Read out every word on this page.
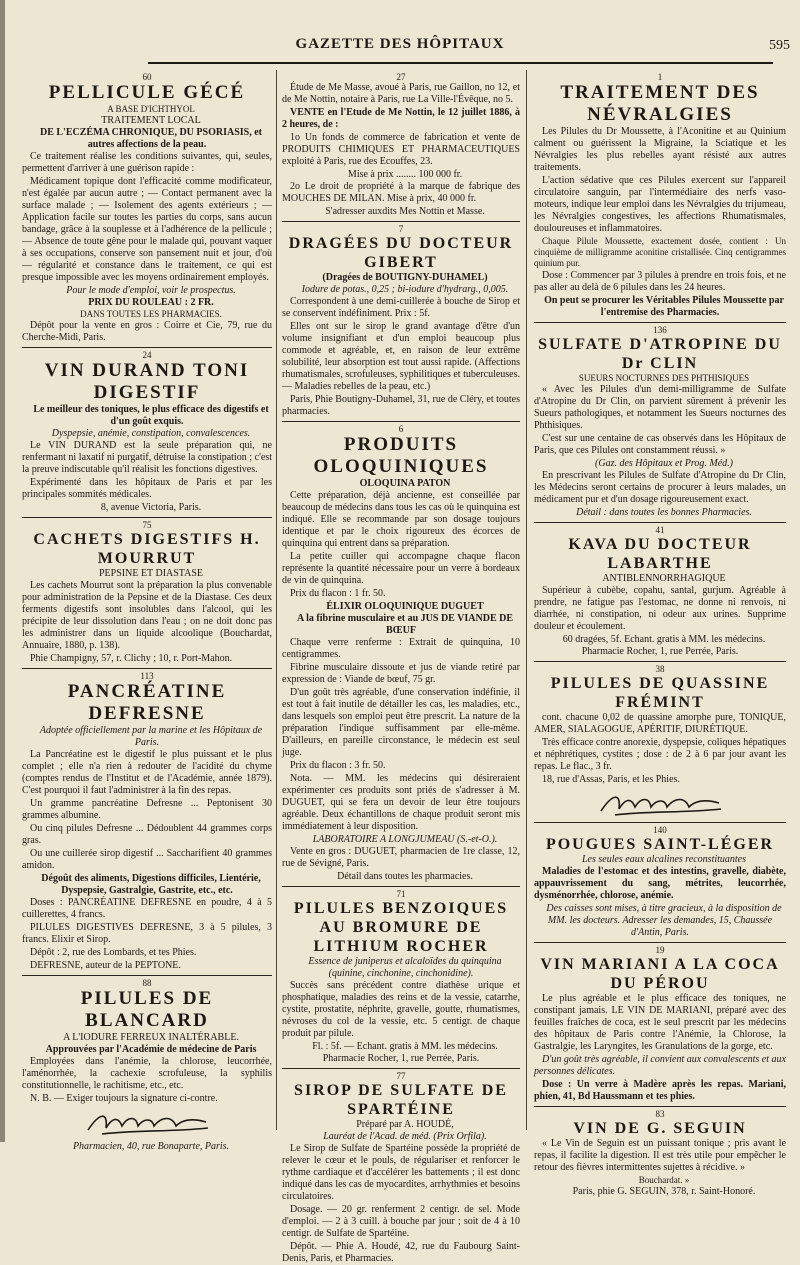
GAZETTE DES HÔPITAUX	595
60
PELLICULE GÉCÉ

A BASE D'ICHTHYOL

TRAITEMENT LOCAL

DE L'ECZÉMA CHRONIQUE, DU PSORIASIS, et autres affections de la peau.

Ce traitement réalise les conditions suivantes, qui, seules, permettent d'arriver à une guérison rapide :

Médicament topique dont l'efficacité comme modificateur, n'est égalée par aucun autre ; — Contact permanent avec la surface malade ; — Isolement des agents extérieurs ; — Application facile sur toutes les parties du corps, sans aucun bandage, grâce à la souplesse et à l'adhérence de la pellicule ; — Absence de toute gêne pour le malade qui, pouvant vaquer à ses occupations, conserve son pansement nuit et jour, d'où — régularité et constance dans le traitement, ce qui est presque impossible avec les moyens ordinairement employés.

Pour le mode d'emploi, voir le prospectus.

PRIX DU ROULEAU : 2 FR.

DANS TOUTES LES PHARMACIES.

Dépôt pour la vente en gros : Coirre et Cie, 79, rue du Cherche-Midi, Paris.

24
VIN DURAND TONI DIGESTIF

Le meilleur des toniques, le plus efficace des digestifs et d'un goût exquis.

Dyspepsie, anémie, constipation, convalescences.

Le VIN DURAND est la seule préparation qui, ne renfermant ni laxatif ni purgatif, détruise la constipation ; c'est la preuve indiscutable qu'il réalisit les fonctions digestives.

Expérimenté dans les hôpitaux de Paris et par les principales sommités médicales.

8, avenue Victoria, Paris.

75
CACHETS DIGESTIFS H. MOURRUT

PEPSINE ET DIASTASE

Les cachets Mourrut sont la préparation la plus convenable pour administration de la Pepsine et de la Diastase. Ces deux ferments digestifs sont insolubles dans l'alcool, qui les précipite de leur dissolution dans l'eau ; on ne doit donc pas les administrer dans un liquide alcoolique (Bouchardat, Annuaire, 1880, p. 138).

Phie Champigny, 57, r. Clichy ; 10, r. Port-Mahon.

113
PANCRÉATINE DEFRESNE

Adoptée officiellement par la marine et les Hôpitaux de Paris.

La Pancréatine est le digestif le plus puissant et le plus complet ; elle n'a rien à redouter de l'acidité du chyme (comptes rendus de l'Institut et de l'Académie, année 1879). C'est pourquoi il faut l'administrer à la fin des repas.

Un gramme pancréatine Defresne ... Peptonisent 30 grammes albumine.

Ou cinq pilules Defresne ... Dédoublent 44 grammes corps gras.

Ou une cuillerée sirop digestif ... Saccharifient 40 grammes amidon.

Dégoût des aliments, Digestions difficiles, Lientérie, Dyspepsie, Gastralgie, Gastrite, etc., etc.

Doses : PANCRÉATINE DEFRESNE en poudre, 4 à 5 cuillerettes, 4 francs.

PILULES DIGESTIVES DEFRESNE, 3 à 5 pilules, 3 francs. Elixir et Sirop.

Dépôt : 2, rue des Lombards, et tes Phies.

DEFRESNE, auteur de la PEPTONE.

88
PILULES DE BLANCARD

A L'IODURE FERREUX INALTÉRABLE.

Approuvées par l'Académie de médecine de Paris

Employées dans l'anémie, la chlorose, leucorrhée, l'aménorrhée, la cachexie scrofuleuse, la syphilis constitutionnelle, le rachitisme, etc., etc.

N. B. — Exiger toujours la signature ci-contre.

Pharmacien, 40, rue Bonaparte, Paris.

27

Étude de Me Masse, avoué à Paris, rue Gaillon, no 12, et de Me Nottin, notaire à Paris, rue La Ville-l'Évêque, no 5.

VENTE en l'Etude de Me Nottin, le 12 juillet 1886, à 2 heures, de :

1o Un fonds de commerce de fabrication et vente de PRODUITS CHIMIQUES ET PHARMACEUTIQUES exploité à Paris, rue des Ecouffes, 23.

Mise à prix ........ 100 000 fr.

2o Le droit de propriété à la marque de fabrique des MOUCHES DE MILAN. Mise à prix, 40 000 fr.

S'adresser auxdits Mes Nottin et Masse.

7
DRAGÉES DU DOCTEUR GIBERT

(Dragées de BOUTIGNY-DUHAMEL)

Iodure de potas., 0,25 ; bi-iodure d'hydrarg., 0,005.

Correspondent à une demi-cuillerée à bouche de Sirop et se conservent indéfiniment. Prix : 5f.

Elles ont sur le sirop le grand avantage d'être d'un volume insignifiant et d'un emploi beaucoup plus commode et agréable, et, en raison de leur extrême solubilité, leur absorption est tout aussi rapide. (Affections rhumatismales, scrofuleuses, syphilitiques et tuberculeuses. — Maladies rebelles de la peau, etc.)

Paris, Phie Boutigny-Duhamel, 31, rue de Cléry, et toutes pharmacies.

6
PRODUITS OLOQUINIQUES

OLOQUINA PATON

Cette préparation, déjà ancienne, est conseillée par beaucoup de médecins dans tous les cas où le quinquina est indiqué. Elle se recommande par son dosage toujours identique et par le choix rigoureux des écorces de quinquina qui entrent dans sa préparation.

La petite cuiller qui accompagne chaque flacon représente la quantité nécessaire pour un verre à bordeaux de vin de quinquina.

Prix du flacon : 1 fr. 50.

ÉLIXIR OLOQUINIQUE DUGUET

A la fibrine musculaire et au JUS DE VIANDE DE BŒUF

Chaque verre renferme : Extrait de quinquina, 10 centigrammes.

Fibrine musculaire dissoute et jus de viande retiré par expression de : Viande de bœuf, 75 gr.

D'un goût très agréable, d'une conservation indéfinie, il est tout à fait inutile de détailler les cas, les maladies, etc., dans lesquels son emploi peut être prescrit. La nature de la préparation l'indique suffisamment par elle-même. D'ailleurs, en pareille circonstance, le médecin est seul juge.

Prix du flacon : 3 fr. 50.

Nota. — MM. les médecins qui désireraient expérimenter ces produits sont priés de s'adresser à M. DUGUET, qui se fera un devoir de leur être toujours agréable. Deux échantillons de chaque produit seront mis immédiatement à leur disposition.

LABORATOIRE A LONGJUMEAU (S.-et-O.).

Vente en gros : DUGUET, pharmacien de 1re classe, 12, rue de Sévigné, Paris.

Détail dans toutes les pharmacies.

71
PILULES BENZOIQUES AU BROMURE DE LITHIUM ROCHER

Essence de juniperus et alcaloïdes du quinquina (quinine, cinchonine, cinchonidine).

Succès sans précédent contre diathèse urique et phosphatique, maladies des reins et de la vessie, catarrhe, cystite, prostatite, néphrite, gravelle, goutte, rhumatismes, névroses du col de la vessie, etc. 5 centigr. de chaque produit par pilule.

Fl. : 5f. — Echant. gratis à MM. les médecins. Pharmacie Rocher, 1, rue Perrée, Paris.

77
SIROP DE SULFATE DE SPARTÉINE

Préparé par A. HOUDÉ,

Lauréat de l'Acad. de méd. (Prix Orfila).

Le Sirop de Sulfate de Spartéine possède la propriété de relever le cœur et le pouls, de régulariser et renforcer le rythme cardiaque et d'accélérer les battements ; il est donc indiqué dans les cas de myocardites, arrhythmies et besoins circulatoires.

Dosage. — 20 gr. renferment 2 centigr. de sel. Mode d'emploi. — 2 à 3 cuill. à bouche par jour ; soit de 4 à 10 centigr. de Sulfate de Spartéine.

Dépôt. — Phie A. Houdé, 42, rue du Faubourg Saint-Denis, Paris, et Pharmacies.

1
TRAITEMENT DES NÉVRALGIES

Les Pilules du Dr Moussette, à l'Aconitine et au Quinium calment ou guérissent la Migraine, la Sciatique et les Névralgies les plus rebelles ayant résisté aux autres traitements.

L'action sédative que ces Pilules exercent sur l'appareil circulatoire sanguin, par l'intermédiaire des nerfs vaso-moteurs, indique leur emploi dans les Névralgies du trijumeau, les Névralgies congestives, les affections Rhumatismales, douloureuses et inflammatoires.

Chaque Pilule Moussette, exactement dosée, contient : Un cinquième de milligramme aconitine cristallisée. Cinq centigrammes quinium pur.

Dose : Commencer par 3 pilules à prendre en trois fois, et ne pas aller au delà de 6 pilules dans les 24 heures.

On peut se procurer les Véritables Pilules Moussette par l'entremise des Pharmacies.

136
SULFATE D'ATROPINE DU Dr CLIN

SUEURS NOCTURNES DES PHTHISIQUES

« Avec les Pilules d'un demi-milligramme de Sulfate d'Atropine du Dr Clin, on parvient sûrement à prévenir les Sueurs pathologiques, et notamment les Sueurs nocturnes des Phthisiques.

C'est sur une centaine de cas observés dans les Hôpitaux de Paris, que ces Pilules ont constamment réussi. »

(Gaz. des Hôpitaux et Prog. Méd.)

En prescrivant les Pilules de Sulfate d'Atropine du Dr Clin, les Médecins seront certains de procurer à leurs malades, un médicament pur et d'un dosage rigoureusement exact.

Détail : dans toutes les bonnes Pharmacies.

41
KAVA DU DOCTEUR LABARTHE

ANTIBLENNORRHAGIQUE

Supérieur à cubèbe, copahu, santal, gurjum. Agréable à prendre, ne fatigue pas l'estomac, ne donne ni renvois, ni diarrhée, ni constipation, ni odeur aux urines. Supprime douleur et écoulement.

60 dragées, 5f. Echant. gratis à MM. les médecins. Pharmacie Rocher, 1, rue Perrée, Paris.

38
PILULES DE QUASSINE FRÉMINT

cont. chacune 0,02 de quassine amorphe pure, TONIQUE, AMER, SIALAGOGUE, APÉRITIF, DIURÉTIQUE.

Très efficace contre anorexie, dyspepsie, coliques hépatiques et néphrétiques, cystites ; dose : de 2 à 6 par jour avant les repas. Le flac., 3 fr.

18, rue d'Assas, Paris, et les Phies.

140
POUGUES SAINT-LÉGER

Les seules eaux alcalines reconstituantes

Maladies de l'estomac et des intestins, gravelle, diabète, appauvrissement du sang, métrites, leucorrhée, dysménorrhée, chlorose, anémie.

Des caisses sont mises, à titre gracieux, à la disposition de MM. les docteurs. Adresser les demandes, 15, Chaussée d'Antin, Paris.

19
VIN MARIANI A LA COCA DU PÉROU

Le plus agréable et le plus efficace des toniques, ne constipant jamais. LE VIN DE MARIANI, préparé avec des feuilles fraîches de coca, est le seul prescrit par les médecins des hôpitaux de Paris contre l'Anémie, la Chlorose, la Gastralgie, les Laryngites, les Granulations de la gorge, etc.

D'un goût très agréable, il convient aux convalescents et aux personnes délicates.

Dose : Un verre à Madère après les repas. Mariani, phien, 41, Bd Haussmann et tes phies.

83
VIN DE G. SEGUIN

« Le Vin de Seguin est un puissant tonique ; pris avant le repas, il facilite la digestion. Il est très utile pour empêcher le retour des fièvres intermittentes sujettes à récidive. »

Bouchardat. »

Paris, phie G. SEGUIN, 378, r. Saint-Honoré.
